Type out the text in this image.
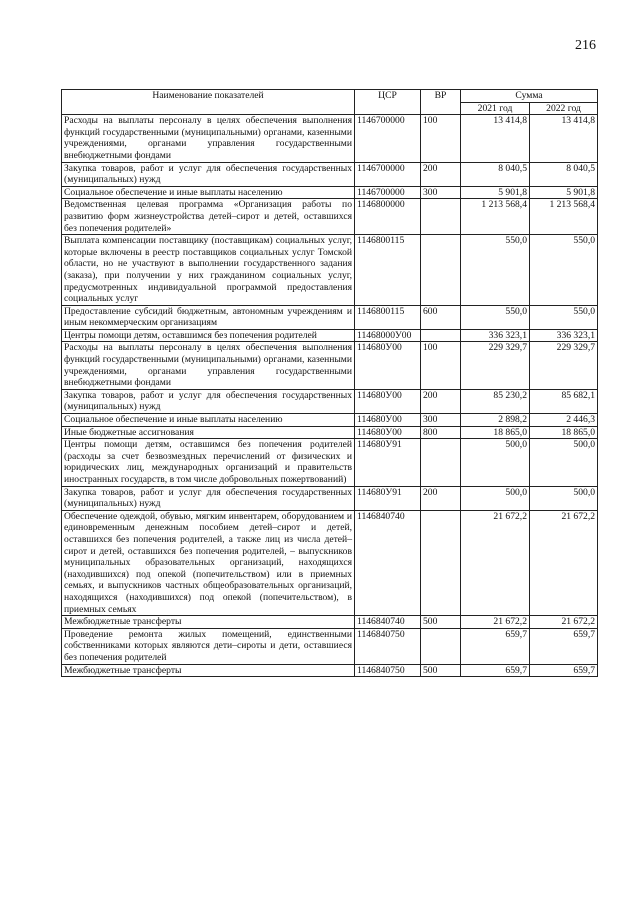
216
Наименование показателей	ЦСР	ВР	Сумма	
			2021 год	2022 год
Расходы на выплаты персоналу в целях обеспечения выполнения функций государственными (муниципальными) органами, казенными учреждениями, органами управления государственными внебюджетными фондами	1146700000	100	13 414,8	13 414,8
Закупка товаров, работ и услуг для обеспечения государственных (муниципальных) нужд	1146700000	200	8 040,5	8 040,5
Социальное обеспечение и иные выплаты населению	1146700000	300	5 901,8	5 901,8
Ведомственная целевая программа «Организация работы по развитию форм жизнеустройства детей–сирот и детей, оставшихся без попечения родителей»	1146800000		1 213 568,4	1 213 568,4
Выплата компенсации поставщику (поставщикам) социальных услуг, которые включены в реестр поставщиков социальных услуг Томской области, но не участвуют в выполнении государственного задания (заказа), при получении у них гражданином социальных услуг, предусмотренных индивидуальной программой предоставления социальных услуг	1146800115		550,0	550,0
Предоставление субсидий бюджетным, автономным учреждениям и иным некоммерческим организациям	1146800115	600	550,0	550,0
Центры помощи детям, оставшимся без попечения родителей	11468000У00		336 323,1	336 323,1
Расходы на выплаты персоналу в целях обеспечения выполнения функций государственными (муниципальными) органами, казенными учреждениями, органами управления государственными внебюджетными фондами	114680У00	100	229 329,7	229 329,7
Закупка товаров, работ и услуг для обеспечения государственных (муниципальных) нужд	114680У00	200	85 230,2	85 682,1
Социальное обеспечение и иные выплаты населению	114680У00	300	2 898,2	2 446,3
Иные бюджетные ассигнования	114680У00	800	18 865,0	18 865,0
Центры помощи детям, оставшимся без попечения родителей (расходы за счет безвозмездных перечислений от физических и юридических лиц, международных организаций и правительств иностранных государств, в том числе добровольных пожертвований)	114680У91		500,0	500,0
Закупка товаров, работ и услуг для обеспечения государственных (муниципальных) нужд	114680У91	200	500,0	500,0
Обеспечение одеждой, обувью, мягким инвентарем, оборудованием и единовременным денежным пособием детей–сирот и детей, оставшихся без попечения родителей, а также лиц из числа детей–сирот и детей, оставшихся без попечения родителей, – выпускников муниципальных образовательных организаций, находящихся (находившихся) под опекой (попечительством) или в приемных семьях, и выпускников частных общеобразовательных организаций, находящихся (находившихся) под опекой (попечительством), в приемных семьях	1146840740		21 672,2	21 672,2
Межбюджетные трансферты	1146840740	500	21 672,2	21 672,2
Проведение ремонта жилых помещений, единственными собственниками которых являются дети–сироты и дети, оставшиеся без попечения родителей	1146840750		659,7	659,7
Межбюджетные трансферты	1146840750	500	659,7	659,7
